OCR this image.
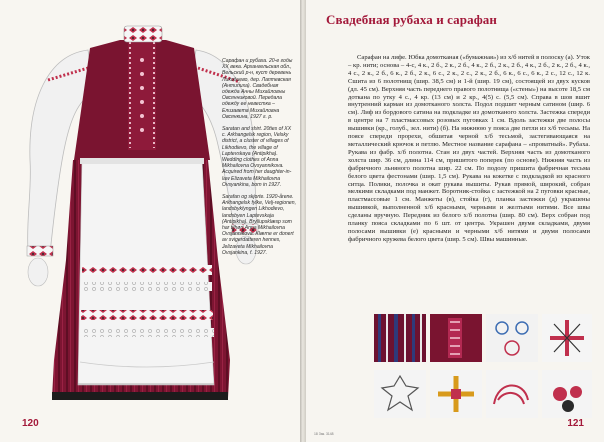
Сарафан и рубаха. 20-е годы ХХ века. Архангельская обл., Вельский р-н, куст деревень Лиходиево, дер. Лаптевская (Антипиха). Свадебная одежда Анны Михайловны Овсянниковой. Передала одежду ее невестка – Елизавета Михайловна Овсянкина, 1927 г. р.

Saratan and shirt. 20ties of XX c. Arkhangelsk region, Velsky district, a cluster of villages of Likhodievo, the village of Laptevskaya (Antipikha). Wedding clothes of Anna Mikhailovna Ovsyannikova. Acquired from her daughter-in-law Elizaveta Mikhailovna Ovsyankina, born in 1927.

Sarafan og skjorte. 1920-årene. Arkhangelsk fylke, Velj-regionen, landsbyklyngen Likhodievo, landsbyen Laptevskaja (Antipikha). Bryllupsklæsp som har tilhørt Anna Mikhailovna Ovsjannikova. Klærne er donert av svigerdatteren hennes, Jelizaveta Mikhailovna Ovsjankina, f. 1927.

120
18 Зак. 3148
Свадебная рубаха и сарафан

Сарафан на лифе. Юбка домотканая («бумажная») из х/б нитей в полоску (а). Уток – кр. нити; основа – 4-с, 4 к., 2 б., 2 к., 2 б., 4 к., 2 б., 2 к., 2 б., 4 к., 2 б., 2 к., 2 б., 4 к., 4 с., 2 к., 2 б., 6 к., 2 б., 2 к., 6 с., 2 к., 2 с., 2 к., 2 б., 6 к., 6 с., 6 к., 2 с., 12 с., 12 к. Сшита из 6 полотнищ (шир. 38,5 см) и 1-й (шир. 19 см), состоящей из двух кусков (дл. 45 см). Верхняя часть переднего правого полотнища («стены») на высоте 18,5 см доткана по утку 4 с., 4 кр. (13 см) и 2 кр., 4(5) с. (5,5 см). Справа в шов вшит внутренний карман из домотканого холста. Подол подшит черным сатином (шир. 6 см). Лиф из бордового сатина на подкладке из домотканого холста. Застежка спереди в центре на 7 пластмассовых розовых пуговках 1 см. Вдоль застежки две полосы вышивки (кр., голуб., зел. нити) (б). На нижнюю у пояса две петли из х/б тесьмы. На поясе спереди прорехи, обшитая черной х/б тесьмой, застегивающаяся на металлический крючок и петлю. Местное название сарафана – «проватный». Рубаха. Рукава из фабр. х/б полотна. Стан из двух частей. Верхняя часть из домоткaного холста шир. 36 см, длина 114 см, пришитого поперек (по основе). Нижняя часть из фабричного льняного полотна шир. 22 см. По подолу пришита фабричная тесьма белого цвета фестонами (шир. 1,5 см). Рукава на кокетке с подкладкой из красного ситца. Полики, полочка и окат рукава вышиты. Рукав прямой, широкий, собран мелкими складками под манжет. Воротник-стойка с застежкой на 2 пуговки красные, пластмассовые 1 см. Манжеты (в), стойка (г), планка застежки (д) украшены вышивкой, выполненной х/б красными, черными и желтыми нитями. Все швы сделаны вручную. Передник из белого х/б полотна (шир. 80 см). Верх собран под планку пояса складками по 6 шт. от центра. Украшен двумя складками, двумя полосами вышивки (е) красными и черными х/б нитями и двумя полосами фабричного кружева белого цвета (шир. 5 см). Швы машинные.

121
